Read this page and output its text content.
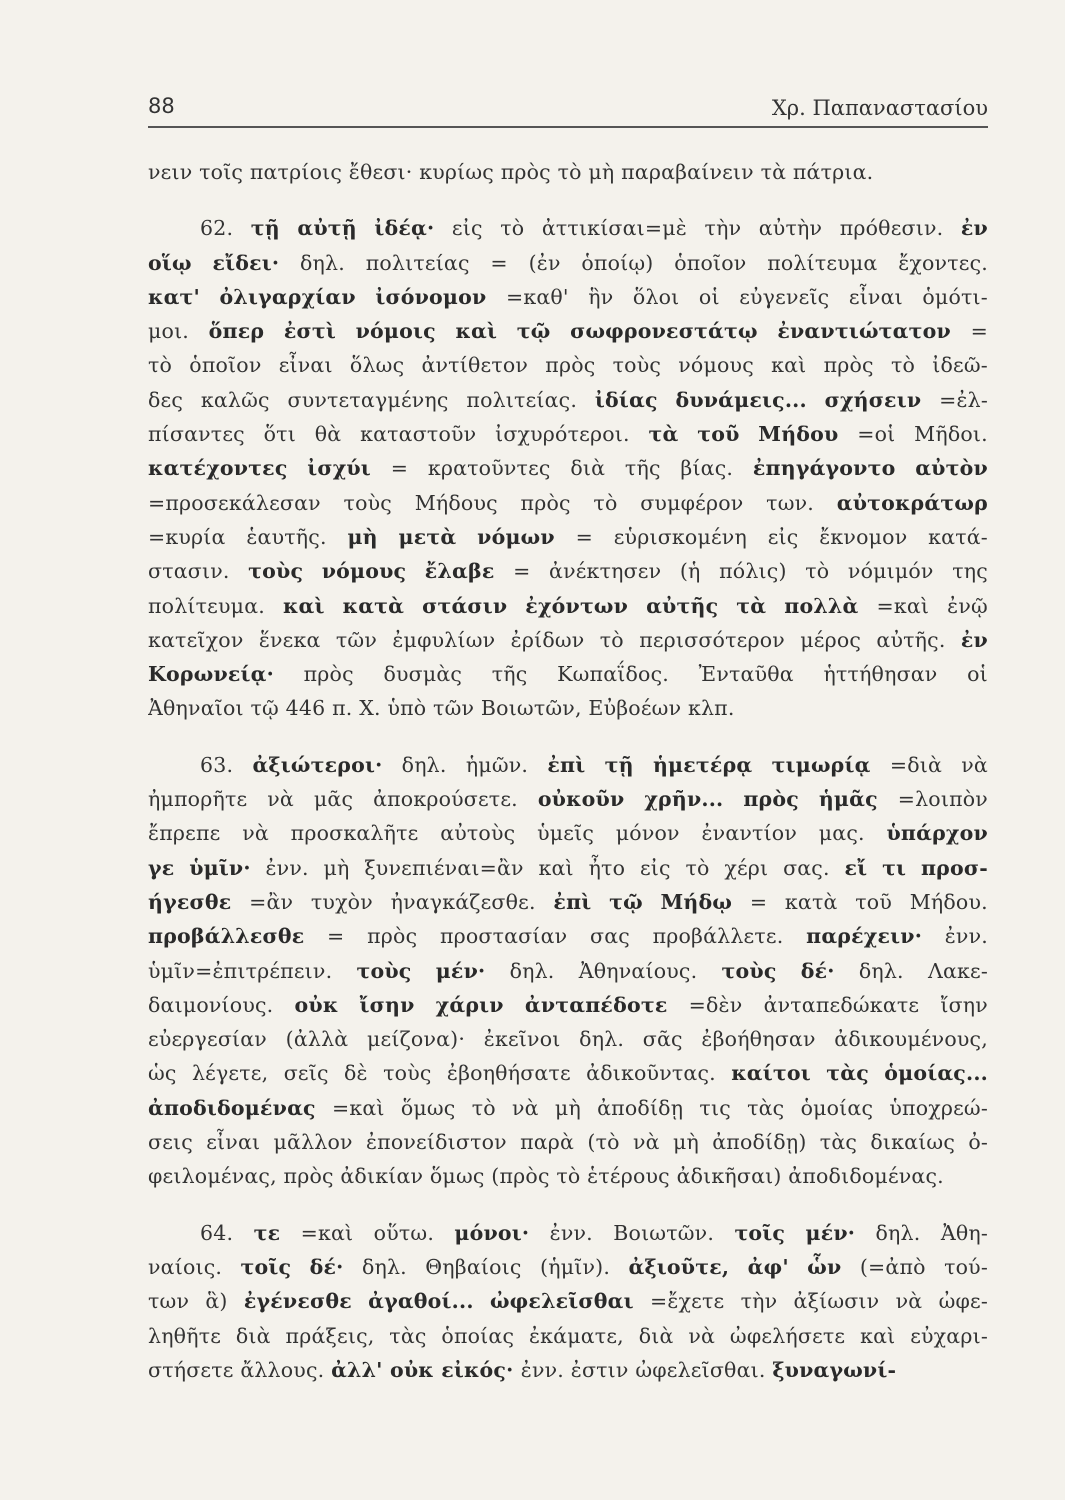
88	Χρ. Παπαναστασίου
νειν τοῖς πατρίοις ἔθεσι· κυρίως πρὸς τὸ μὴ παραβαίνειν τὰ πάτρια.
62. τῇ αὐτῇ ἰδέᾳ· εἰς τὸ ἀττικίσαι=μὲ τὴν αὐτὴν πρόθεσιν. ἐν
οἵῳ εἴδει· δηλ. πολιτείας = (ἐν ὁποίῳ) ὁποῖον πολίτευμα ἔχοντες.
κατ' ὀλιγαρχίαν ἰσόνομον =καθ' ἣν ὅλοι οἱ εὐγενεῖς εἶναι ὁμότι-
μοι. ὅπερ ἐστὶ νόμοις καὶ τῷ σωφρονεστάτῳ ἐναντιώτατον =
τὸ ὁποῖον εἶναι ὅλως ἀντίθετον πρὸς τοὺς νόμους καὶ πρὸς τὸ ἰδεῶ-
δες καλῶς συντεταγμένης πολιτείας. ἰδίας δυνάμεις... σχήσειν =ἐλ-
πίσαντες ὅτι θὰ καταστοῦν ἰσχυρότεροι. τὰ τοῦ Μήδου =οἱ Μῆδοι.
κατέχοντες ἰσχύι = κρατοῦντες διὰ τῆς βίας. ἐπηγάγοντο αὐτὸν
=προσεκάλεσαν τοὺς Μήδους πρὸς τὸ συμφέρον των. αὐτοκράτωρ
=κυρία ἑαυτῆς. μὴ μετὰ νόμων = εὑρισκομένη εἰς ἔκνομον κατά-
στασιν. τοὺς νόμους ἔλαβε = ἀνέκτησεν (ἡ πόλις) τὸ νόμιμόν της
πολίτευμα. καὶ κατὰ στάσιν ἐχόντων αὐτῆς τὰ πολλὰ =καὶ ἐνῷ
κατεῖχον ἕνεκα τῶν ἐμφυλίων ἐρίδων τὸ περισσότερον μέρος αὐτῆς. ἐν
Κορωνείᾳ· πρὸς δυσμὰς τῆς Κωπαΐδος. Ἐνταῦθα ἡττήθησαν οἱ
Ἀθηναῖοι τῷ 446 π. Χ. ὑπὸ τῶν Βοιωτῶν, Εὐβοέων κλπ.
63. ἀξιώτεροι· δηλ. ἡμῶν. ἐπὶ τῇ ἡμετέρᾳ τιμωρίᾳ =διὰ νὰ
ἠμπορῆτε νὰ μᾶς ἀποκρούσετε. οὐκοῦν χρῆν... πρὸς ἡμᾶς =λοιπὸν
ἔπρεπε νὰ προσκαλῆτε αὐτοὺς ὑμεῖς μόνον ἐναντίον μας. ὑπάρχον
γε ὑμῖν· ἐνν. μὴ ξυνεπιέναι=ἂν καὶ ἦτο εἰς τὸ χέρι σας. εἴ τι προσ-
ήγεσθε =ἂν τυχὸν ἠναγκάζεσθε. ἐπὶ τῷ Μήδῳ = κατὰ τοῦ Μήδου.
προβάλλεσθε = πρὸς προστασίαν σας προβάλλετε. παρέχειν· ἐνν.
ὑμῖν=ἐπιτρέπειν. τοὺς μέν· δηλ. Ἀθηναίους. τοὺς δέ· δηλ. Λακε-
δαιμονίους. οὐκ ἴσην χάριν ἀνταπέδοτε =δὲν ἀνταπεδώκατε ἴσην
εὐεργεσίαν (ἀλλὰ μείζονα)· ἐκεῖνοι δηλ. σᾶς ἐβοήθησαν ἀδικουμένους,
ὡς λέγετε, σεῖς δὲ τοὺς ἐβοηθήσατε ἀδικοῦντας. καίτοι τὰς ὁμοίας...
ἀποδιδομένας =καὶ ὅμως τὸ νὰ μὴ ἀποδίδῃ τις τὰς ὁμοίας ὑποχρεώ-
σεις εἶναι μᾶλλον ἐπονείδιστον παρὰ (τὸ νὰ μὴ ἀποδίδῃ) τὰς δικαίως ὀ-
φειλομένας, πρὸς ἀδικίαν ὅμως (πρὸς τὸ ἑτέρους ἀδικῆσαι) ἀποδιδομένας.
64. τε =καὶ οὕτω. μόνοι· ἐνν. Βοιωτῶν. τοῖς μέν· δηλ. Ἀθη-
ναίοις. τοῖς δέ· δηλ. Θηβαίοις (ἡμῖν). ἀξιοῦτε, ἀφ' ὧν (=ἀπὸ τού-
των ἃ) ἐγένεσθε ἀγαθοί... ὠφελεῖσθαι =ἔχετε τὴν ἀξίωσιν νὰ ὠφε-
ληθῆτε διὰ πράξεις, τὰς ὁποίας ἐκάματε, διὰ νὰ ὠφελήσετε καὶ εὐχαρι-
στήσετε ἄλλους. ἀλλ' οὐκ εἰκός· ἐνν. ἐστιν ὠφελεῖσθαι. ξυναγωνί-
